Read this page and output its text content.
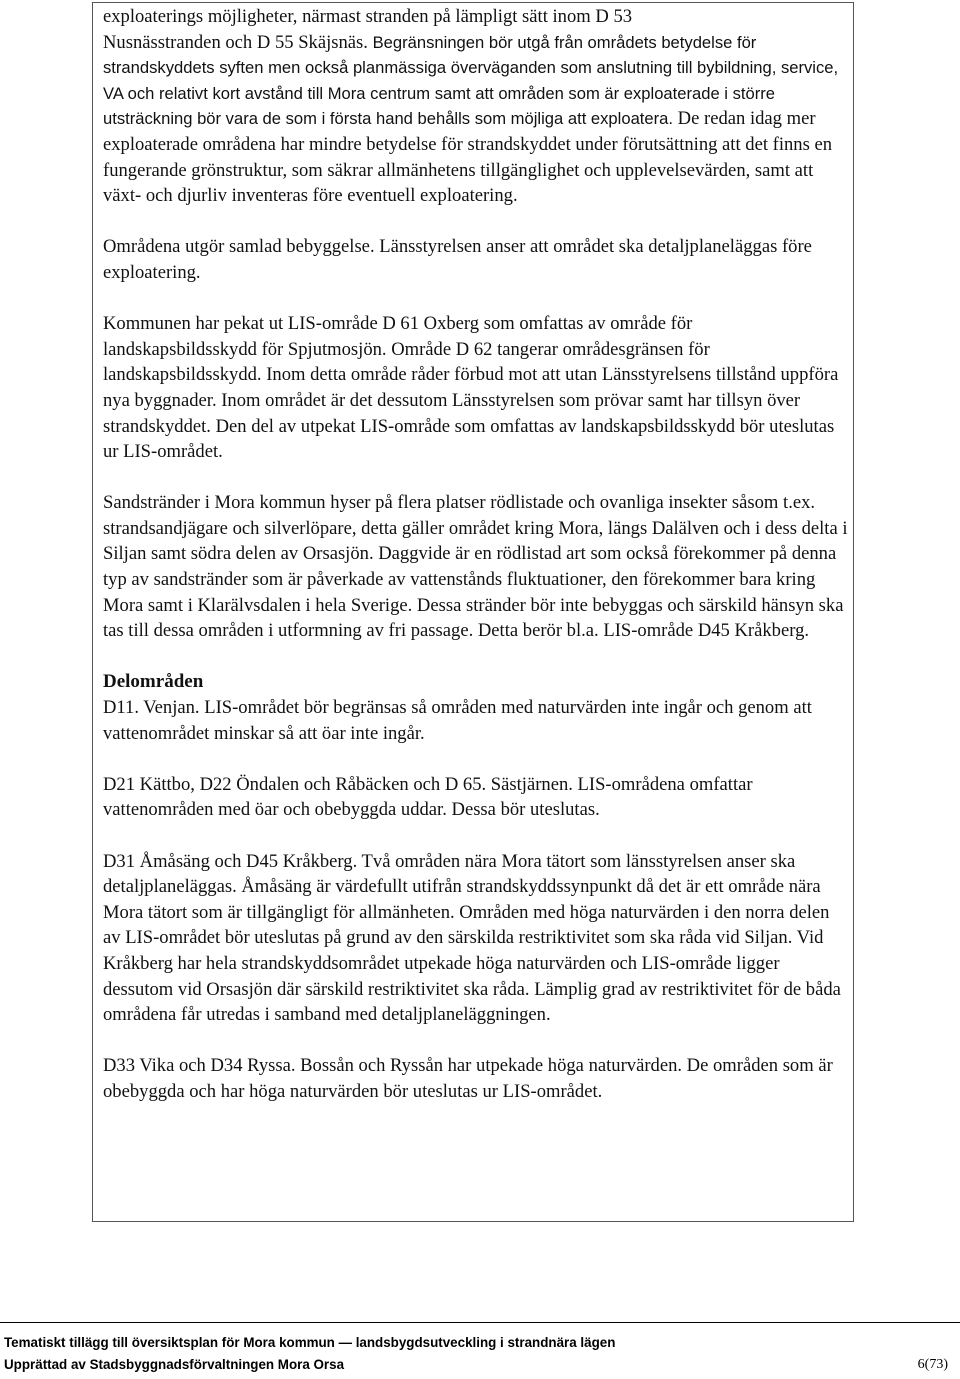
exploaterings möjligheter, närmast stranden på lämpligt sätt inom D 53
Nusnässtranden och D 55 Skäjsnäs. Begränsningen bör utgå från områdets betydelse för strandskyddets syften men också planmässiga överväganden som anslutning till bybildning, service, VA och relativt kort avstånd till Mora centrum samt att områden som är exploaterade i större utsträckning bör vara de som i första hand behålls som möjliga att exploatera. De redan idag mer exploaterade områdena har mindre betydelse för strandskyddet under förutsättning att det finns en fungerande grönstruktur, som säkrar allmänhetens tillgänglighet och upplevelsevärden, samt att växt- och djurliv inventeras före eventuell exploatering.

Områdena utgör samlad bebyggelse. Länsstyrelsen anser att området ska detaljplaneläggas före exploatering.

Kommunen har pekat ut LIS-område D 61 Oxberg som omfattas av område för landskapsbildsskydd för Spjutmosjön. Område D 62 tangerar områdesgränsen för landskapsbildsskydd. Inom detta område råder förbud mot att utan Länsstyrelsens tillstånd uppföra nya byggnader. Inom området är det dessutom Länsstyrelsen som prövar samt har tillsyn över strandskyddet. Den del av utpekat LIS-område som omfattas av landskapsbildsskydd bör uteslutas ur LIS-området.

Sandstränder i Mora kommun hyser på flera platser rödlistade och ovanliga insekter såsom t.ex. strandsandjägare och silverlöpare, detta gäller området kring Mora, längs Dalälven och i dess delta i Siljan samt södra delen av Orsasjön. Daggvide är en rödlistad art som också förekommer på denna typ av sandstränder som är påverkade av vattenstånds fluktuationer, den förekommer bara kring Mora samt i Klarälvsdalen i hela Sverige. Dessa stränder bör inte bebyggas och särskild hänsyn ska tas till dessa områden i utformning av fri passage. Detta berör bl.a. LIS-område D45 Kråkberg.

Delområden

D11. Venjan. LIS-området bör begränsas så områden med naturvärden inte ingår och genom att vattenområdet minskar så att öar inte ingår.

D21 Kättbo, D22 Öndalen och Råbäcken och D 65. Sästjärnen. LIS-områdena omfattar vattenområden med öar och obebyggda uddar. Dessa bör uteslutas.

D31 Åmåsäng och D45 Kråkberg. Två områden nära Mora tätort som länsstyrelsen anser ska detaljplaneläggas. Åmåsäng är värdefullt utifrån strandskyddssynpunkt då det är ett område nära Mora tätort som är tillgängligt för allmänheten. Områden med höga naturvärden i den norra delen av LIS-området bör uteslutas på grund av den särskilda restriktivitet som ska råda vid Siljan. Vid Kråkberg har hela strandskyddsområdet utpekade höga naturvärden och LIS-område ligger dessutom vid Orsasjön där särskild restriktivitet ska råda. Lämplig grad av restriktivitet för de båda områdena får utredas i samband med detaljplaneläggningen.

D33 Vika och D34 Ryssa. Bossån och Ryssån har utpekade höga naturvärden. De områden som är obebyggda och har höga naturvärden bör uteslutas ur LIS-området.

Tematiskt tillägg till översiktsplan för Mora kommun — landsbygdsutveckling i strandnära lägen
Upprättad av Stadsbyggnadsförvaltningen Mora Orsa	6(73)
